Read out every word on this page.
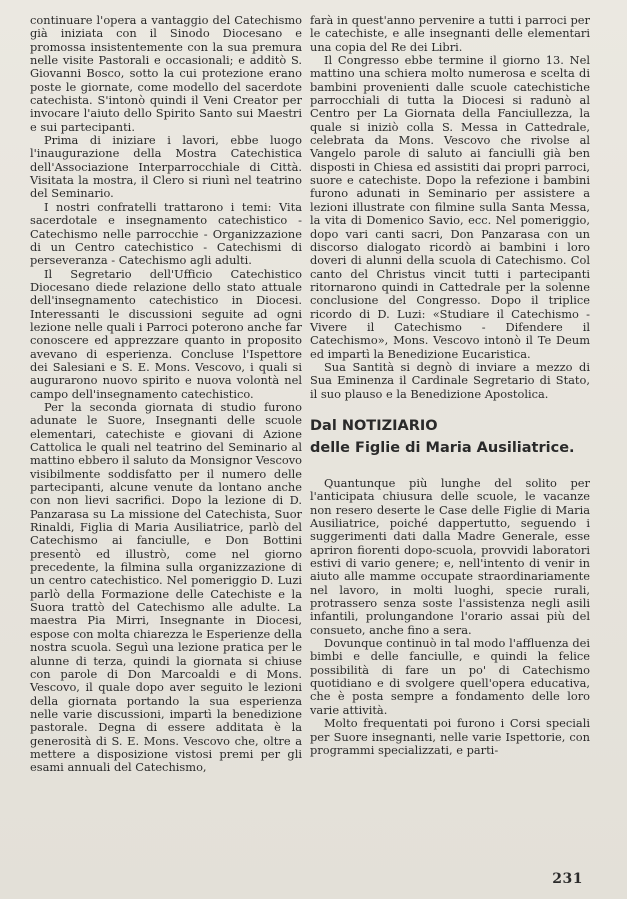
continuare l'opera a vantaggio del Catechismo già iniziata con il Sinodo Diocesano e promossa insistentemente con la sua premura nelle visite Pastorali e occasionali; e additò S. Giovanni Bosco, sotto la cui protezione erano poste le giornate, come modello del sacerdote catechista. S'intonò quindi il Veni Creator per invocare l'aiuto dello Spirito Santo sui Maestri e sui partecipanti.

Prima di iniziare i lavori, ebbe luogo l'inaugurazione della Mostra Catechistica dell'Associazione Interparrocchiale di Città. Visitata la mostra, il Clero si riunì nel teatrino del Seminario.

I nostri confratelli trattarono i temi: Vita sacerdotale e insegnamento catechistico - Catechismo nelle parrocchie - Organizzazione di un Centro catechistico - Catechismi di perseveranza - Catechismo agli adulti.

Il Segretario dell'Ufficio Catechistico Diocesano diede relazione dello stato attuale dell'insegnamento catechistico in Diocesi. Interessanti le discussioni seguite ad ogni lezione nelle quali i Parroci poterono anche far conoscere ed apprezzare quanto in proposito avevano di esperienza. Concluse l'Ispettore dei Salesiani e S. E. Mons. Vescovo, i quali si augurarono nuovo spirito e nuova volontà nel campo dell'insegnamento catechistico.

Per la seconda giornata di studio furono adunate le Suore, Insegnanti delle scuole elementari, catechiste e giovani di Azione Cattolica le quali nel teatrino del Seminario al mattino ebbero il saluto da Monsignor Vescovo visibilmente soddisfatto per il numero delle partecipanti, alcune venute da lontano anche con non lievi sacrifici. Dopo la lezione di D. Panzarasa su La missione del Catechista, Suor Rinaldi, Figlia di Maria Ausiliatrice, parlò del Catechismo ai fanciulle, e Don Bottini presentò ed illustrò, come nel giorno precedente, la filmina sulla organizzazione di un centro catechistico. Nel pomeriggio D. Luzi parlò della Formazione delle Catechiste e la Suora trattò del Catechismo alle adulte. La maestra Pia Mirri, Insegnante in Diocesi, espose con molta chiarezza le Esperienze della nostra scuola. Seguì una lezione pratica per le alunne di terza, quindi la giornata si chiuse con parole di Don Marcoaldi e di Mons. Vescovo, il quale dopo aver seguito le lezioni della giornata portando la sua esperienza nelle varie discussioni, impartì la benedizione pastorale. Degna di essere additata è la generosità di S. E. Mons. Vescovo che, oltre a mettere a disposizione vistosi premi per gli esami annuali del Catechismo,

farà in quest'anno pervenire a tutti i parroci per le catechiste, e alle insegnanti delle elementari una copia del Re dei Libri.

Il Congresso ebbe termine il giorno 13. Nel mattino una schiera molto numerosa e scelta di bambini provenienti dalle scuole catechistiche parrocchiali di tutta la Diocesi si radunò al Centro per La Giornata della Fanciullezza, la quale si iniziò colla S. Messa in Cattedrale, celebrata da Mons. Vescovo che rivolse al Vangelo parole di saluto ai fanciulli già ben disposti in Chiesa ed assistiti dai propri parroci, suore e catechiste. Dopo la refezione i bambini furono adunati in Seminario per assistere a lezioni illustrate con filmine sulla Santa Messa, la vita di Domenico Savio, ecc. Nel pomeriggio, dopo vari canti sacri, Don Panzarasa con un discorso dialogato ricordò ai bambini i loro doveri di alunni della scuola di Catechismo. Col canto del Christus vincit tutti i partecipanti ritornarono quindi in Cattedrale per la solenne conclusione del Congresso. Dopo il triplice ricordo di D. Luzi: «Studiare il Catechismo - Vivere il Catechismo - Difendere il Catechismo», Mons. Vescovo intonò il Te Deum ed impartì la Benedizione Eucaristica.

Sua Santità si degnò di inviare a mezzo di Sua Eminenza il Cardinale Segretario di Stato, il suo plauso e la Benedizione Apostolica.

Dal NOTIZIARIO
delle Figlie di Maria Ausiliatrice.

Quantunque più lunghe del solito per l'anticipata chiusura delle scuole, le vacanze non resero deserte le Case delle Figlie di Maria Ausiliatrice, poiché dappertutto, seguendo i suggerimenti dati dalla Madre Generale, esse apriron fiorenti dopo-scuola, provvidi laboratori estivi di vario genere; e, nell'intento di venir in aiuto alle mamme occupate straordinariamente nel lavoro, in molti luoghi, specie rurali, protrassero senza soste l'assistenza negli asili infantili, prolungandone l'orario assai più del consueto, anche fino a sera.

Dovunque continuò in tal modo l'affluenza dei bimbi e delle fanciulle, e quindi la felice possibilità di fare un po' di Catechismo quotidiano e di svolgere quell'opera educativa, che è posta sempre a fondamento delle loro varie attività.

Molto frequentati poi furono i Corsi speciali per Suore insegnanti, nelle varie Ispettorie, con programmi specializzati, e parti-

231
